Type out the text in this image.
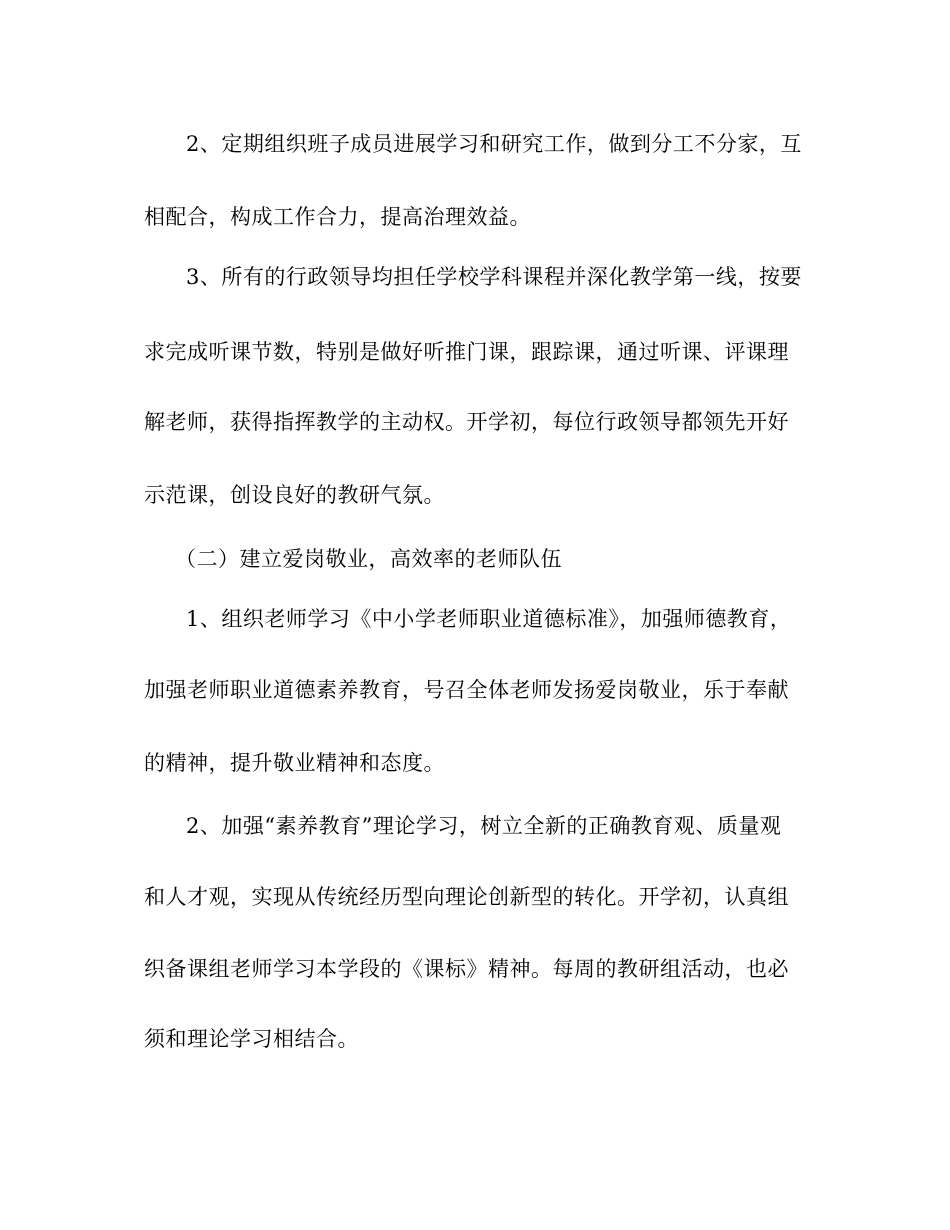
2、定期组织班子成员进展学习和研究工作，做到分工不分家，互
相配合，构成工作合力，提高治理效益。
3、所有的行政领导均担任学校学科课程并深化教学第一线，按要
求完成听课节数，特别是做好听推门课，跟踪课，通过听课、评课理
解老师，获得指挥教学的主动权。开学初，每位行政领导都领先开好
示范课，创设良好的教研气氛。
（二）建立爱岗敬业，高效率的老师队伍
1、组织老师学习《中小学老师职业道德标准》，加强师德教育，
加强老师职业道德素养教育，号召全体老师发扬爱岗敬业，乐于奉献
的精神，提升敬业精神和态度。
2、加强“素养教育”理论学习，树立全新的正确教育观、质量观
和人才观，实现从传统经历型向理论创新型的转化。开学初，认真组
织备课组老师学习本学段的《课标》精神。每周的教研组活动，也必
须和理论学习相结合。
